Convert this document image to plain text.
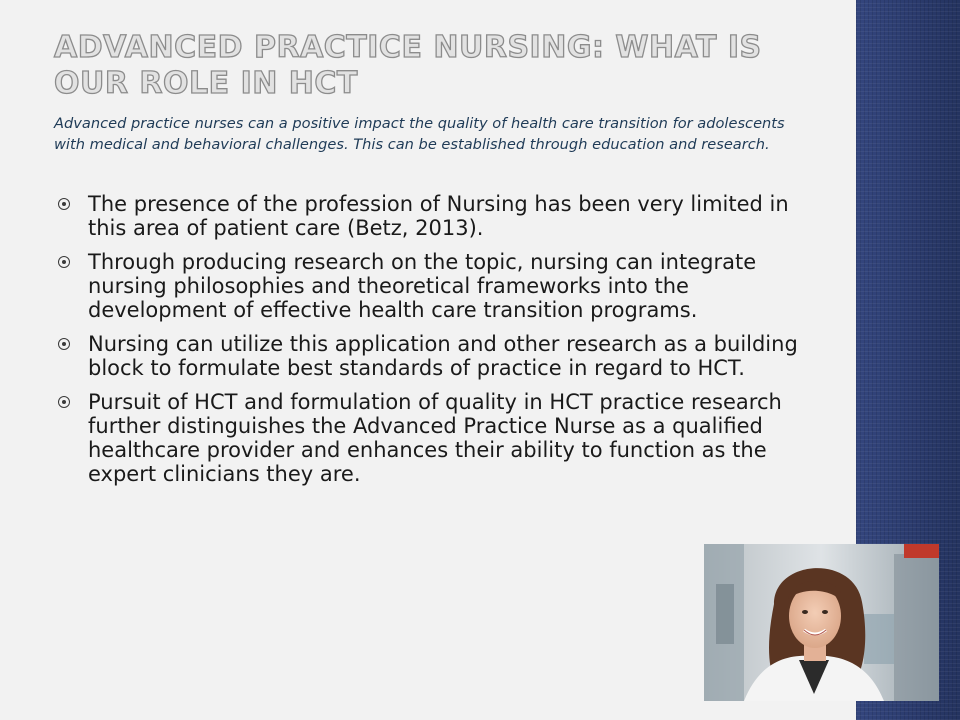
ADVANCED PRACTICE NURSING: WHAT IS
OUR ROLE IN HCT

Advanced practice nurses can a positive impact the quality of health care transition for adolescents with medical and behavioral challenges. This can be established through education and research.

The presence of the profession of Nursing has been very limited in this area of patient care (Betz, 2013).
Through producing research on the topic, nursing can integrate nursing philosophies and theoretical frameworks into the development of effective health care transition programs.
Nursing can utilize this application and other research as a building block to formulate best standards of practice in regard to HCT.
Pursuit of HCT and formulation of quality in HCT practice research further distinguishes the Advanced Practice Nurse as a qualified healthcare provider and enhances their ability to function as the expert clinicians they are.
